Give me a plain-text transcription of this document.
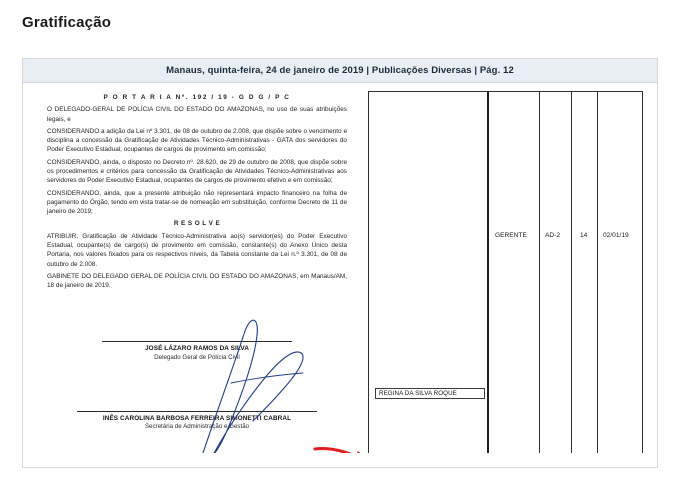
Gratificação
Manaus, quinta-feira, 24 de janeiro de 2019 | Publicações Diversas | Pág. 12

P O R T A R I A Nº. 192 / 19 - G D G / P C

O DELEGADO-GERAL DE POLÍCIA CIVIL DO ESTADO DO AMAZONAS, no uso de suas atribuições legais, e

CONSIDERANDO a adição da Lei nº 3.301, de 08 de outubro de 2.008, que dispõe sobre o vencimento e disciplina a concessão da Gratificação de Atividades Técnico-Administrativas - GATA dos servidores do Poder Executivo Estadual, ocupantes de cargos de provimento em comissão;

CONSIDERANDO, ainda, o disposto no Decreto nº. 28.620, de 29 de outubro de 2008, que dispõe sobre os procedimentos e critérios para concessão da Gratificação de Atividades Técnico-Administrativas aos servidores do Poder Executivo Estadual, ocupantes de cargos de provimento efetivo e em comissão;

CONSIDERANDO, ainda, que a presente atribuição não representará impacto financeiro na folha de pagamento do Órgão, tendo em vista tratar-se de nomeação em substituição, conforme Decreto de 11 de janeiro de 2019;

R E S O L V E

ATRIBUIR, Gratificação de Atividade Técnico-Administrativa ao(s) servidor(es) do Poder Executivo Estadual, ocupante(s) de cargo(s) de provimento em comissão, constante(s) do Anexo Único desta Portaria, nos valores fixados para os respectivos níveis, da Tabela constante da Lei n.º 3.301, de 08 de outubro de 2.008.

GABINETE DO DELEGADO GERAL DE POLÍCIA CIVIL DO ESTADO DO AMAZONAS, em Manaus/AM, 18 de janeiro de 2019.

JOSÉ LÁZARO RAMOS DA SILVA
Delegado Geral de Polícia Civil
INÊS CAROLINA BARBOSA FERREIRA SIMONETTI CABRAL
Secretária de Administração e Gestão
GERENTE	AD-2	14 02/01/19
REGINA DA SILVA ROQUE
